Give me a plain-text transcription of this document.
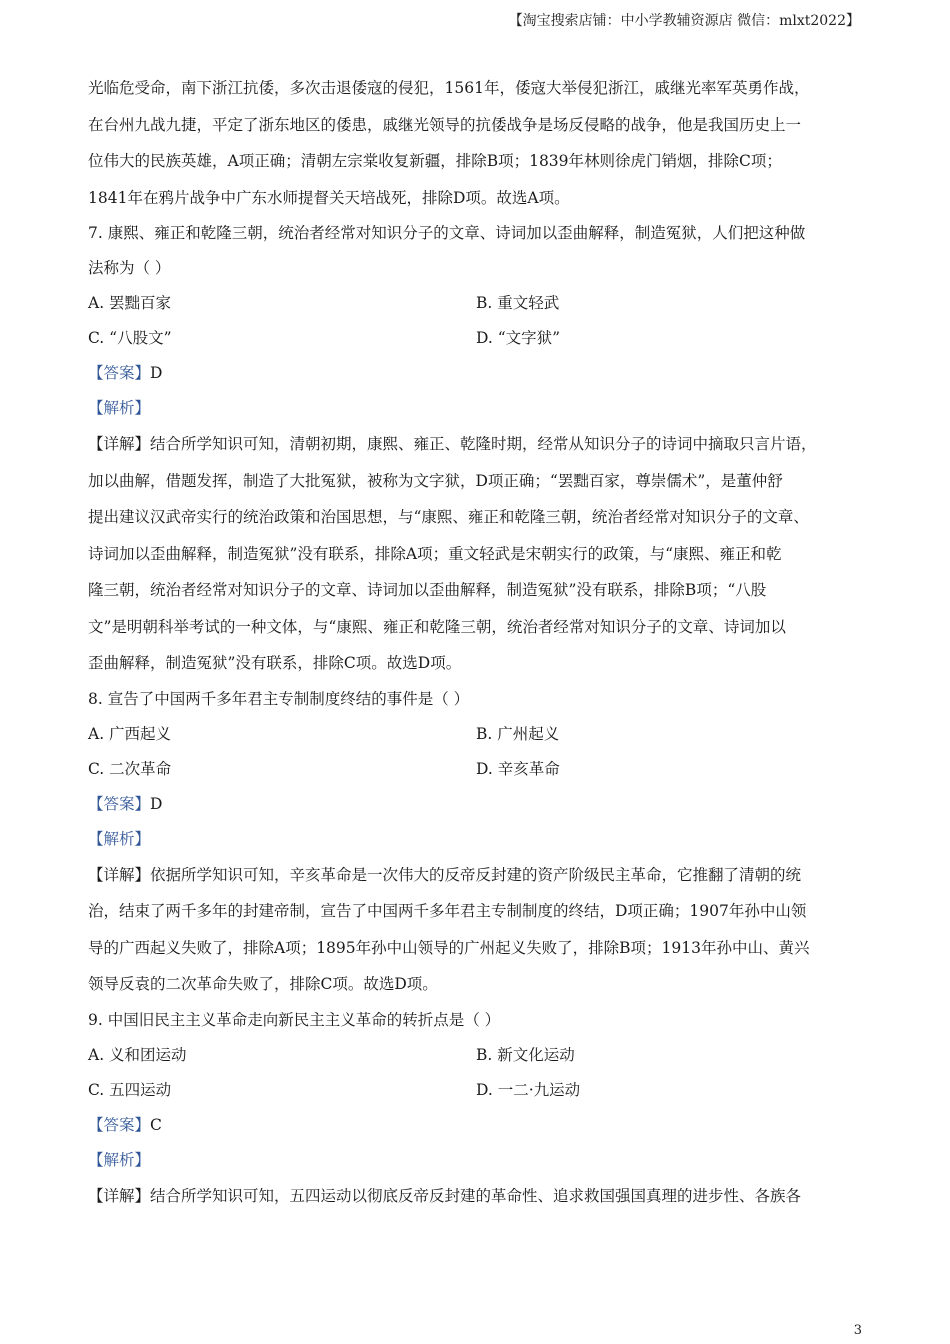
【淘宝搜索店铺：中小学教辅资源店 微信：mlxt2022】
光临危受命，南下浙江抗倭，多次击退倭寇的侵犯，1561年，倭寇大举侵犯浙江，戚继光率军英勇作战，
在台州九战九捷，平定了浙东地区的倭患，戚继光领导的抗倭战争是场反侵略的战争，他是我国历史上一
位伟大的民族英雄，A项正确；清朝左宗棠收复新疆，排除B项；1839年林则徐虎门销烟，排除C项；
1841年在鸦片战争中广东水师提督关天培战死，排除D项。故选A项。
7. 康熙、雍正和乾隆三朝，统治者经常对知识分子的文章、诗词加以歪曲解释，制造冤狱，人们把这种做
法称为（ ）
A. 罢黜百家	B. 重文轻武
C. “八股文”	D. “文字狱”
【答案】D
【解析】
【详解】结合所学知识可知，清朝初期，康熙、雍正、乾隆时期，经常从知识分子的诗词中摘取只言片语，
加以曲解，借题发挥，制造了大批冤狱，被称为文字狱，D项正确；“罢黜百家，尊崇儒术”，是董仲舒
提出建议汉武帝实行的统治政策和治国思想，与“康熙、雍正和乾隆三朝，统治者经常对知识分子的文章、
诗词加以歪曲解释，制造冤狱”没有联系，排除A项；重文轻武是宋朝实行的政策，与“康熙、雍正和乾
隆三朝，统治者经常对知识分子的文章、诗词加以歪曲解释，制造冤狱”没有联系，排除B项；“八股
文”是明朝科举考试的一种文体，与“康熙、雍正和乾隆三朝，统治者经常对知识分子的文章、诗词加以
歪曲解释，制造冤狱”没有联系，排除C项。故选D项。
8. 宣告了中国两千多年君主专制制度终结的事件是（ ）
A. 广西起义	B. 广州起义
C. 二次革命	D. 辛亥革命
【答案】D
【解析】
【详解】依据所学知识可知，辛亥革命是一次伟大的反帝反封建的资产阶级民主革命，它推翻了清朝的统
治，结束了两千多年的封建帝制，宣告了中国两千多年君主专制制度的终结，D项正确；1907年孙中山领
导的广西起义失败了，排除A项；1895年孙中山领导的广州起义失败了，排除B项；1913年孙中山、黄兴
领导反袁的二次革命失败了，排除C项。故选D项。
9. 中国旧民主主义革命走向新民主主义革命的转折点是（ ）
A. 义和团运动	B. 新文化运动
C. 五四运动	D. 一二·九运动
【答案】C
【解析】
【详解】结合所学知识可知，五四运动以彻底反帝反封建的革命性、追求救国强国真理的进步性、各族各
3
